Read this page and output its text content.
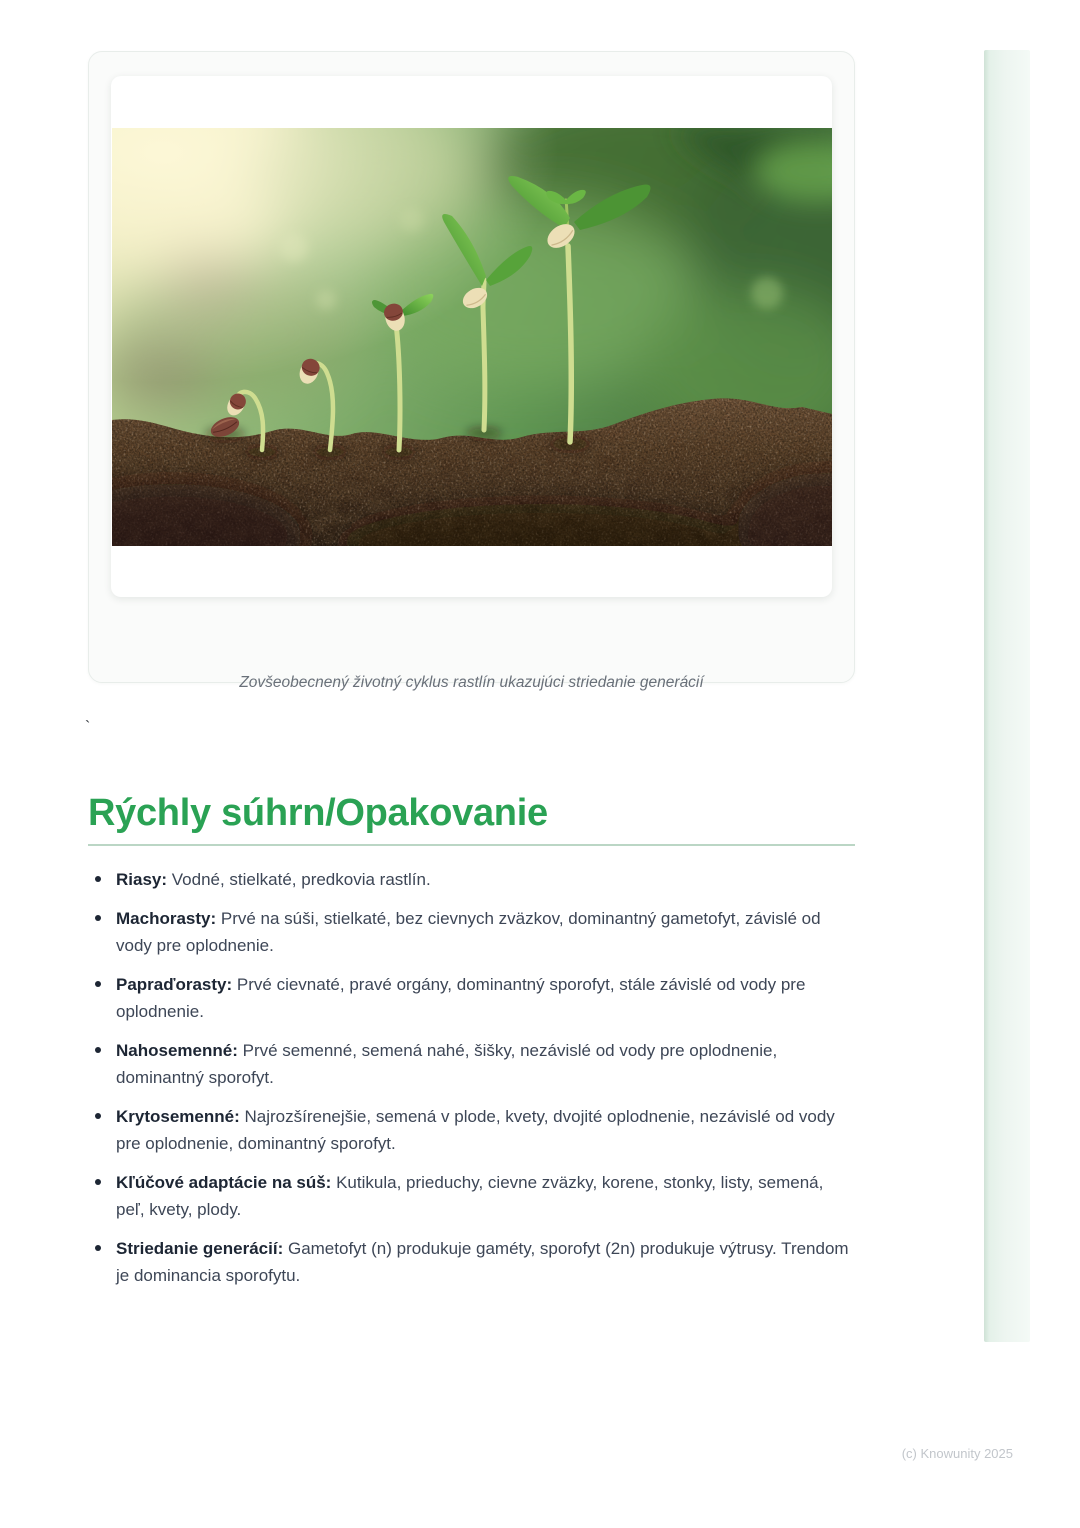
Zovšeobecnený životný cyklus rastlín ukazujúci striedanie generácií
`
Rýchly súhrn/Opakovanie
Riasy: Vodné, stielkaté, predkovia rastlín.
Machorasty: Prvé na súši, stielkaté, bez cievnych zväzkov, dominantný gametofyt, závislé od vody pre oplodnenie.
Papraďorasty: Prvé cievnaté, pravé orgány, dominantný sporofyt, stále závislé od vody pre oplodnenie.
Nahosemenné: Prvé semenné, semená nahé, šišky, nezávislé od vody pre oplodnenie, dominantný sporofyt.
Krytosemenné: Najrozšírenejšie, semená v plode, kvety, dvojité oplodnenie, nezávislé od vody pre oplodnenie, dominantný sporofyt.
Kľúčové adaptácie na súš: Kutikula, prieduchy, cievne zväzky, korene, stonky, listy, semená, peľ, kvety, plody.
Striedanie generácií: Gametofyt (n) produkuje gaméty, sporofyt (2n) produkuje výtrusy. Trendom je dominancia sporofytu.
(c) Knowunity 2025
